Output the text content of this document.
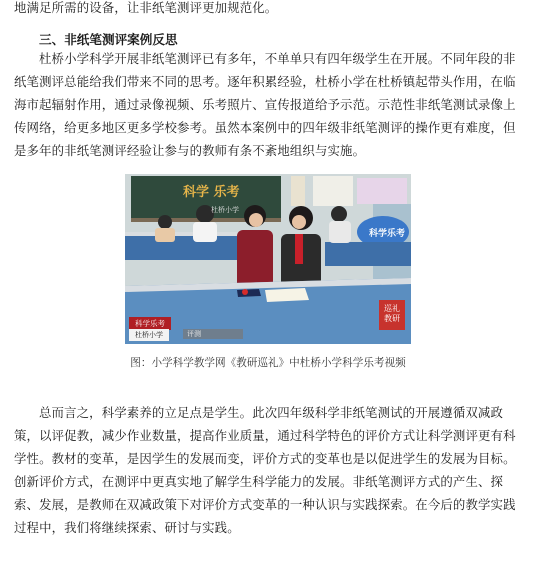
地满足所需的设备，让非纸笔测评更加规范化。

三、非纸笔测评案例反思

杜桥小学科学开展非纸笔测评已有多年，不单单只有四年级学生在开展。不同年段的非纸笔测评总能给我们带来不同的思考。逐年积累经验，杜桥小学在杜桥镇起带头作用，在临海市起辐射作用，通过录像视频、乐考照片、宣传报道给予示范。示范性非纸笔测试录像上传网络，给更多地区更多学校参考。虽然本案例中的四年级非纸笔测评的操作更有难度，但是多年的非纸笔测评经验让参与的教师有条不紊地组织与实施。

科学 乐考
杜桥小学
科学乐考
科学乐考
杜桥小学	评测
巡礼 教研
图：小学科学教学网《教研巡礼》中杜桥小学科学乐考视频

总而言之，科学素养的立足点是学生。此次四年级科学非纸笔测试的开展遵循双减政策，以评促教，减少作业数量，提高作业质量，通过科学特色的评价方式让科学测评更有科学性。教材的变革，是因学生的发展而变，评价方式的变革也是以促进学生的发展为目标。创新评价方式，在测评中更真实地了解学生科学能力的发展。非纸笔测评方式的产生、探索、发展，是教师在双减政策下对评价方式变革的一种认识与实践探索。在今后的教学实践过程中，我们将继续探索、研讨与实践。
